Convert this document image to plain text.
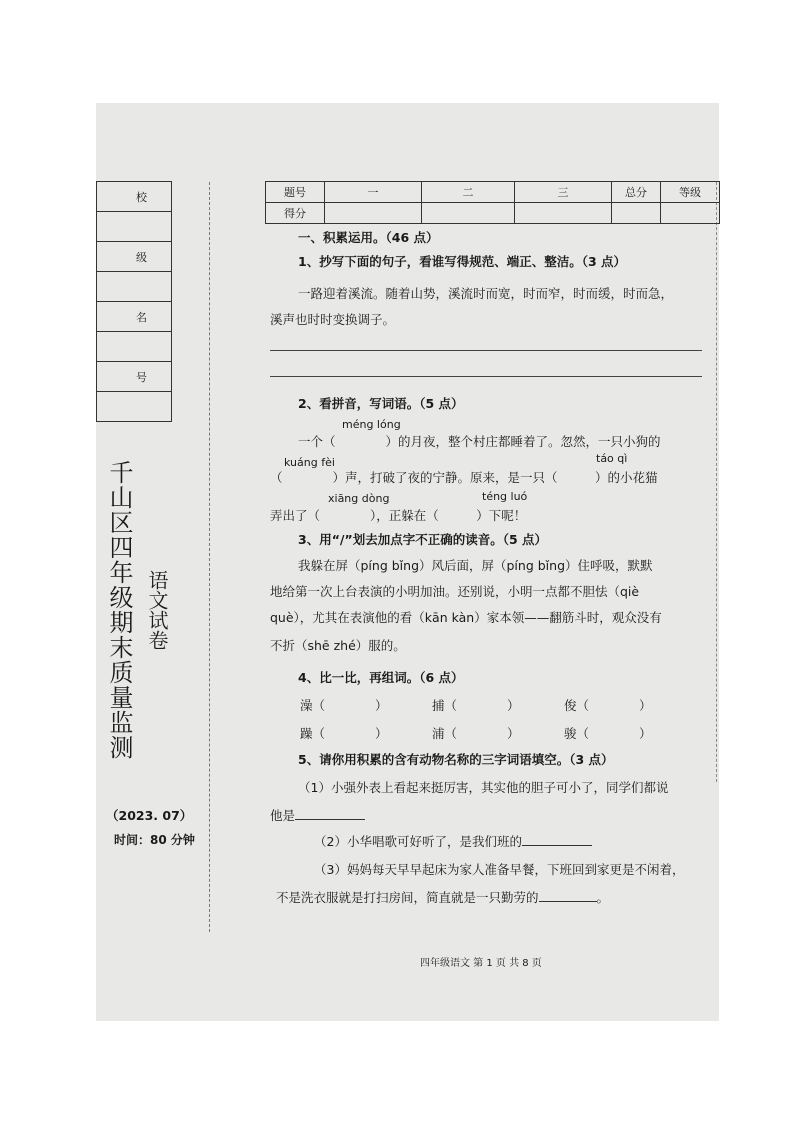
校

级

名

号

千山区四年级期末质量监测 语文试卷
（2023. 07）
时间：80 分钟
题号	一	二	三	总分	等级
得分					
一、积累运用。（46 点）
1、抄写下面的句子，看谁写得规范、端正、整洁。（3 点）
一路迎着溪流。随着山势，溪流时而宽，时而窄，时而缓，时而急，
溪声也时时变换调子。
2、看拼音，写词语。（5 点）
méng lóng
一个（　　　　）的月夜，整个村庄都睡着了。忽然，一只小狗的
kuáng fèi	táo qì
（　　　　）声，打破了夜的宁静。原来，是一只（　　　）的小花猫
xiāng dòng	téng luó
弄出了（　　　　），正躲在（　　　）下呢！
3、用“/”划去加点字不正确的读音。（5 点）
我躲在屏（píng bǐng）风后面，屏（píng bǐng）住呼吸，默默
地给第一次上台表演的小明加油。还别说，小明一点都不胆怯（qiè
què），尤其在表演他的看（kān kàn）家本领——翻筋斗时，观众没有
不折（shē zhé）服的。
4、比一比，再组词。（6 点）
澡（　　　　）	捕（　　　　）	俊（　　　　）
躁（　　　　）	浦（　　　　）	骏（　　　　）
5、请你用积累的含有动物名称的三字词语填空。（3 点）
（1）小强外表上看起来挺厉害，其实他的胆子可小了，同学们都说
他是
（2）小华唱歌可好听了，是我们班的
（3）妈妈每天早早起床为家人准备早餐，下班回到家更是不闲着，
不是洗衣服就是打扫房间，简直就是一只勤劳的	。
四年级语文 第 1 页 共 8 页
